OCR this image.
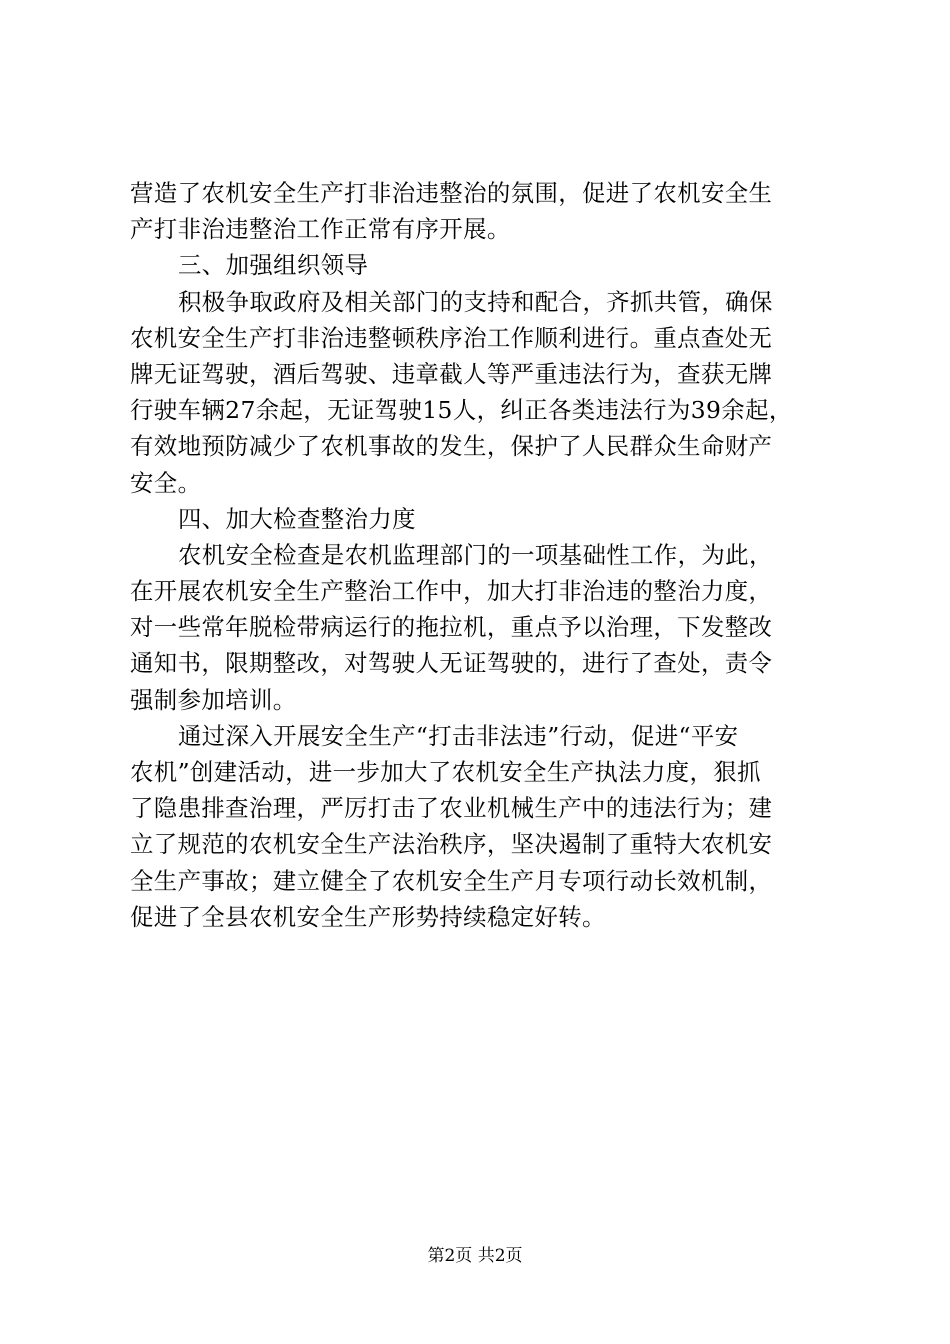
营造了农机安全生产打非治违整治的氛围，促进了农机安全生
产打非治违整治工作正常有序开展。
三、加强组织领导
积极争取政府及相关部门的支持和配合，齐抓共管，确保
农机安全生产打非治违整顿秩序治工作顺利进行。重点查处无
牌无证驾驶，酒后驾驶、违章截人等严重违法行为，查获无牌
行驶车辆27余起，无证驾驶15人，纠正各类违法行为39余起，
有效地预防减少了农机事故的发生，保护了人民群众生命财产
安全。
四、加大检查整治力度
农机安全检查是农机监理部门的一项基础性工作，为此，
在开展农机安全生产整治工作中，加大打非治违的整治力度，
对一些常年脱检带病运行的拖拉机，重点予以治理，下发整改
通知书，限期整改，对驾驶人无证驾驶的，进行了查处，责令
强制参加培训。
通过深入开展安全生产“打击非法违”行动，促进“平安
农机”创建活动，进一步加大了农机安全生产执法力度，狠抓
了隐患排查治理，严厉打击了农业机械生产中的违法行为；建
立了规范的农机安全生产法治秩序，坚决遏制了重特大农机安
全生产事故；建立健全了农机安全生产月专项行动长效机制，
促进了全县农机安全生产形势持续稳定好转。
第2页 共2页
